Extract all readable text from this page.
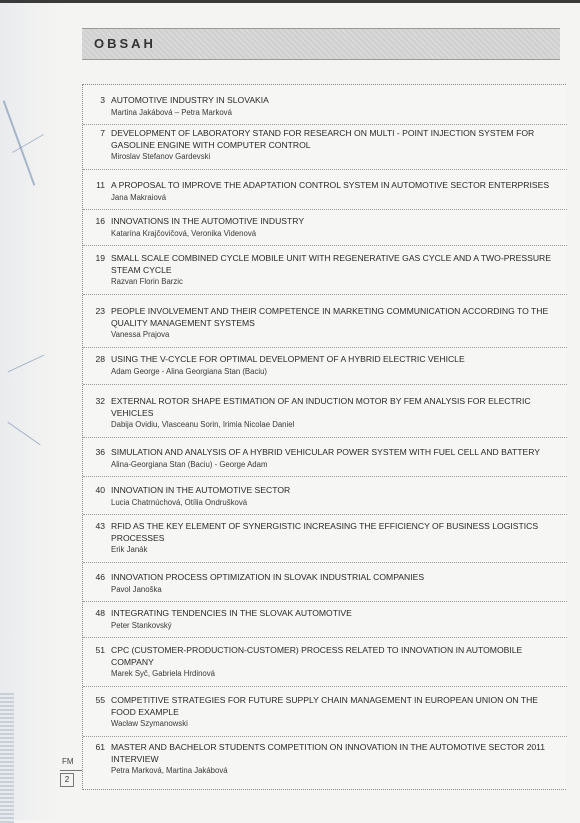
OBSAH
3 AUTOMOTIVE INDUSTRY IN SLOVAKIA
Martina Jakábová – Petra Marková
7 DEVELOPMENT OF LABORATORY STAND FOR RESEARCH ON MULTI - POINT INJECTION SYSTEM FOR GASOLINE ENGINE WITH COMPUTER CONTROL
Miroslav Stefanov Gardevski
11 A PROPOSAL TO IMPROVE THE ADAPTATION CONTROL SYSTEM IN AUTOMOTIVE SECTOR ENTERPRISES
Jana Makraiová
16 INNOVATIONS IN THE AUTOMOTIVE INDUSTRY
Katarína Krajčovičová, Veronika Videnová
19 SMALL SCALE COMBINED CYCLE MOBILE UNIT WITH REGENERATIVE GAS CYCLE AND A TWO-PRESSURE STEAM CYCLE
Razvan Florin Barzic
23 PEOPLE INVOLVEMENT AND THEIR COMPETENCE IN MARKETING COMMUNICATION ACCORDING TO THE QUALITY MANAGEMENT SYSTEMS
Vanessa Prajova
28 USING THE V-CYCLE FOR OPTIMAL DEVELOPMENT OF A HYBRID ELECTRIC VEHICLE
Adam George - Alina Georgiana Stan (Baciu)
32 EXTERNAL ROTOR SHAPE ESTIMATION OF AN INDUCTION MOTOR BY FEM ANALYSIS FOR ELECTRIC VEHICLES
Dabija Ovidiu, Vlasceanu Sorin, Irimia Nicolae Daniel
36 SIMULATION AND ANALYSIS OF A HYBRID VEHICULAR POWER SYSTEM WITH FUEL CELL AND BATTERY
Alina-Georgiana Stan (Baciu) - George Adam
40 INNOVATION IN THE AUTOMOTIVE SECTOR
Lucia Chatrnúchová, Otília Ondrušková
43 RFID AS THE KEY ELEMENT OF SYNERGISTIC INCREASING THE EFFICIENCY OF BUSINESS LOGISTICS PROCESSES
Erik Janák
46 INNOVATION PROCESS OPTIMIZATION IN SLOVAK INDUSTRIAL COMPANIES
Pavol Janoška
48 INTEGRATING TENDENCIES IN THE SLOVAK AUTOMOTIVE
Peter Stankovský
51 CPC (CUSTOMER-PRODUCTION-CUSTOMER) PROCESS RELATED TO INNOVATION IN AUTOMOBILE COMPANY
Marek Syč, Gabriela Hrdinová
55 COMPETITIVE STRATEGIES FOR FUTURE SUPPLY CHAIN MANAGEMENT IN EUROPEAN UNION ON THE FOOD EXAMPLE
Wacław Szymanowski
61 MASTER AND BACHELOR STUDENTS COMPETITION ON INNOVATION IN THE AUTOMOTIVE SECTOR 2011 INTERVIEW
Petra Marková, Martina Jakábová
FM
2
